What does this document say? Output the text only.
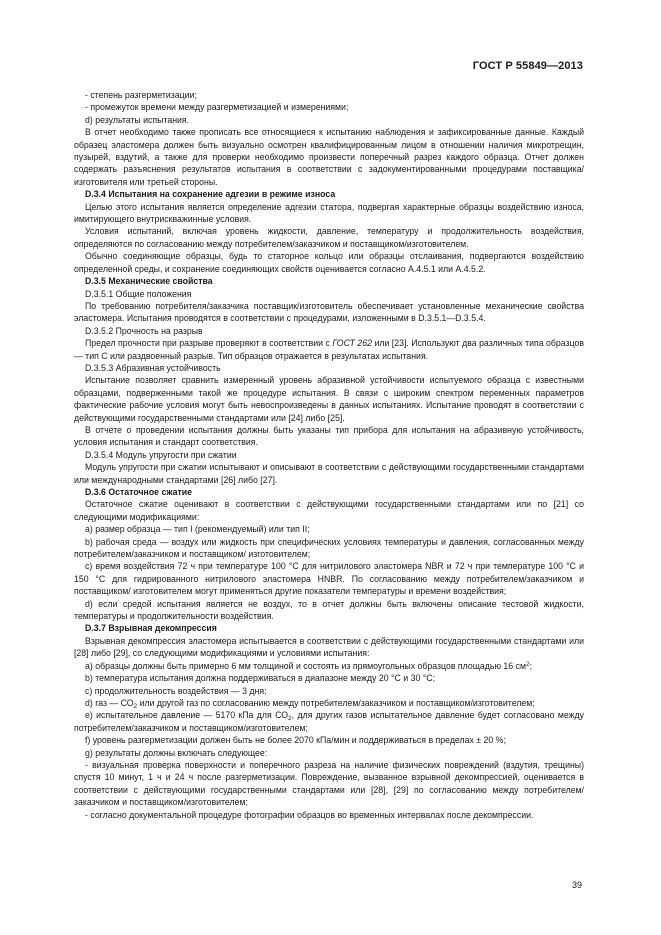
ГОСТ Р 55849—2013
- степень разгерметизации;
- промежуток времени между разгерметизацией и измерениями;
d) результаты испытания.
В отчет необходимо также прописать все относящиеся к испытанию наблюдения и зафиксированные данные. Каждый образец эластомера должен быть визуально осмотрен квалифицированным лицом в отношении наличия микротрещин, пузырей, вздутий, а также для проверки необходимо произвести поперечный разрез каждого образца. Отчет должен содержать разъяснения результатов испытания в соответствии с задокументированными процедурами поставщика/изготовителя или третьей стороны.
D.3.4 Испытания на сохранение адгезии в режиме износа
Целью этого испытания является определение адгезии статора, подвергая характерные образцы воздействию износа, имитирующего внутрискважинные условия.
Условия испытаний, включая уровень жидкости, давление, температуру и продолжительность воздействия, определяются по согласованию между потребителем/заказчиком и поставщиком/изготовителем.
Обычно соединяющие образцы, будь то статорное кольцо или образцы отслаивания, подвергаются воздействию определенной среды, и сохранение соединяющих свойств оценивается согласно А.4.5.1 или А.4.5.2.
D.3.5 Механические свойства
D.3.5.1 Общие положения
По требованию потребителя/заказчика поставщик/изготовитель обеспечивает установленные механические свойства эластомера. Испытания проводятся в соответствии с процедурами, изложенными в D.3.5.1—D.3.5.4.
D.3.5.2 Прочность на разрыв
Предел прочности при разрыве проверяют в соответствии с ГОСТ 262 или [23]. Используют два различных типа образцов — тип С или раздвоенный разрыв. Тип образцов отражается в результатах испытания.
D.3.5.3 Абразивная устойчивость
Испытание позволяет сравнить измеренный уровень абразивной устойчивости испытуемого образца с известными образцами, подверженными такой же процедуре испытания. В связи с широким спектром переменных параметров фактические рабочие условия могут быть невоспроизведены в данных испытаниях. Испытание проводят в соответствии с действующими государственными стандартами или [24] либо [25].
В отчете о проведении испытания должны быть указаны тип прибора для испытания на абразивную устойчивость, условия испытания и стандарт соответствия.
D.3.5.4 Модуль упругости при сжатии
Модуль упругости при сжатии испытывают и описывают в соответствии с действующими государственными стандартами или международными стандартами [26] либо [27].
D.3.6 Остаточное сжатие
Остаточное сжатие оценивают в соответствии с действующими государственными стандартами или по [21] со следующими модификациями:
а) размер образца — тип I (рекомендуемый) или тип II;
b) рабочая среда — воздух или жидкость при специфических условиях температуры и давления, согласованных между потребителем/заказчиком и поставщиком/ изготовителем;
с) время воздействия 72 ч при температуре 100 °С для нитрилового эластомера NBR и 72 ч при температуре 100 °С и 150 °С для гидрированного нитрилового эластомера HNBR. По согласованию между потребителем/заказчиком и поставщиком/ изготовителем могут применяться другие показатели температуры и времени воздействия;
d) если средой испытания является не воздух, то в отчет должны быть включены описание тестовой жидкости, температуры и продолжительности воздействия.
D.3.7 Взрывная декомпрессия
Взрывная декомпрессия эластомера испытывается в соответствии с действующими государственными стандартами или [28] либо [29], со следующими модификациями и условиями испытания:
а) образцы должны быть примерно 6 мм толщиной и состоять из прямоугольных образцов площадью 16 $см^2$;
b) температура испытания должна поддерживаться в диапазоне между 20 °С и 30 °С;
с) продолжительность воздействия — 3 дня;
d) газ — $СО_2$ или другой газ по согласованию между потребителем/заказчиком и поставщиком/изготовителем;
е) испытательное давление — 5170 кПа для $СО_2$, для других газов испытательное давление будет согласовано между потребителем/заказчиком и поставщиком/изготовителем;
f) уровень разгерметизации должен быть не более 2070 кПа/мин и поддерживаться в пределах ± 20 %;
g) результаты должны включать следующее:
- визуальная проверка поверхности и поперечного разреза на наличие физических повреждений (вздутия, трещины) спустя 10 минут, 1 ч и 24 ч после разгерметизации. Повреждение, вызванное взрывной декомпрессией, оценивается в соответствии с действующими государственными стандартами или [28], [29] по согласованию между потребителем/заказчиком и поставщиком/изготовителем;
- согласно документальной процедуре фотографии образцов во временных интервалах после декомпрессии.
39
